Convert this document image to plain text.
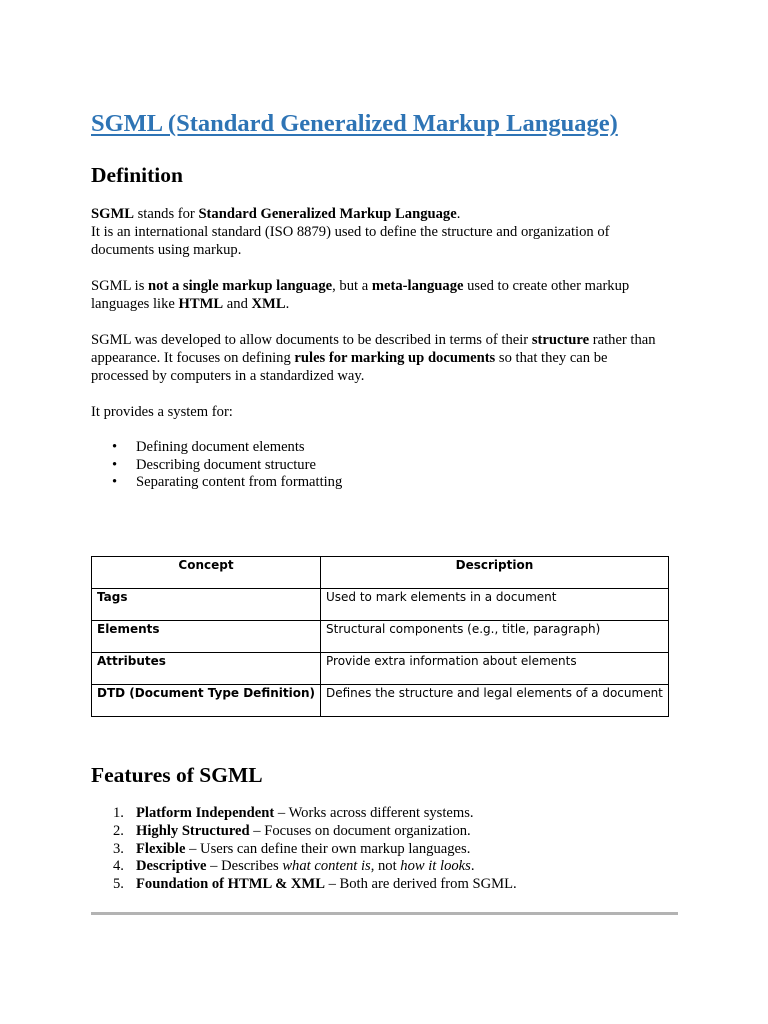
SGML (Standard Generalized Markup Language)
Definition

SGML stands for Standard Generalized Markup Language.
It is an international standard (ISO 8879) used to define the structure and organization of
documents using markup.

SGML is not a single markup language, but a meta-language used to create other markup
languages like HTML and XML.

SGML was developed to allow documents to be described in terms of their structure rather than
appearance. It focuses on defining rules for marking up documents so that they can be
processed by computers in a standardized way.

It provides a system for:

• Defining document elements
• Describing document structure
• Separating content from formatting
Concept	Description
Tags	Used to mark elements in a document
Elements	Structural components (e.g., title, paragraph)
Attributes	Provide extra information about elements
DTD (Document Type Definition)	Defines the structure and legal elements of a document
Features of SGML
1. Platform Independent – Works across different systems.
2. Highly Structured – Focuses on document organization.
3. Flexible – Users can define their own markup languages.
4. Descriptive – Describes what content is, not how it looks.
5. Foundation of HTML & XML – Both are derived from SGML.
